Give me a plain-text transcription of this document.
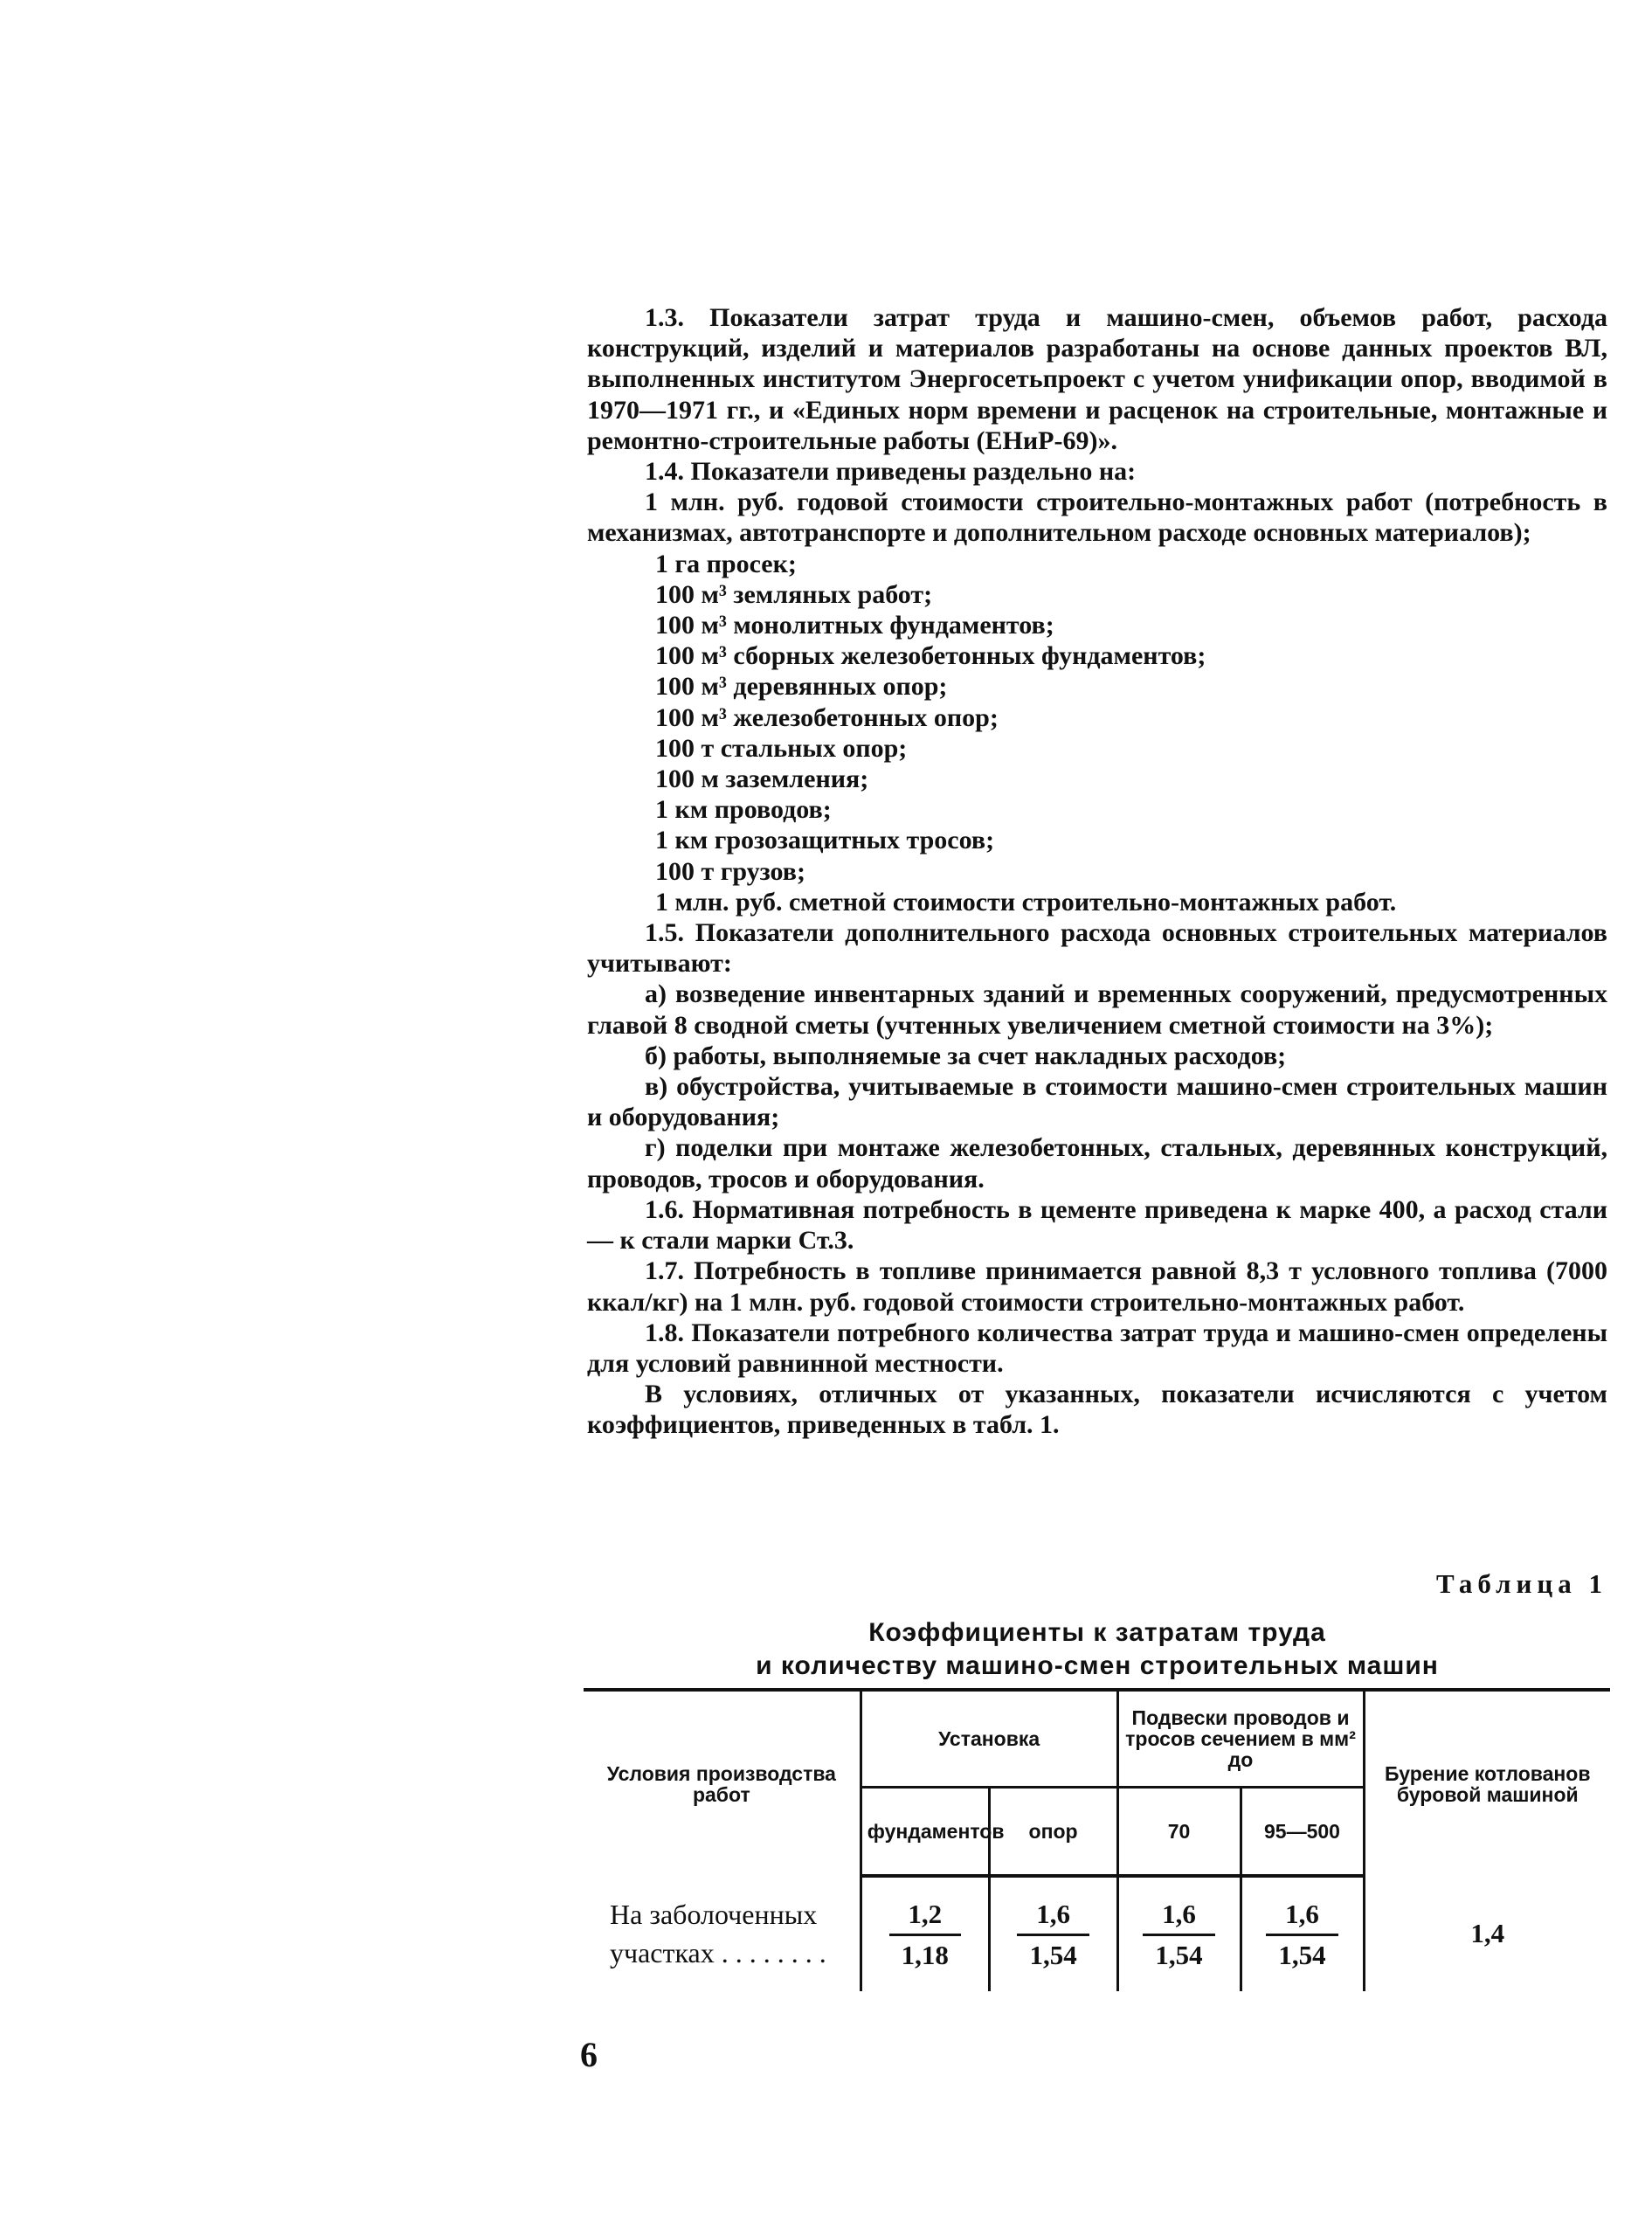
1.3. Показатели затрат труда и машино-смен, объемов работ, расхода конструкций, изделий и материалов разработаны на основе данных проектов ВЛ, выполненных институтом Энергосетьпроект с учетом унификации опор, вводимой в 1970—1971 гг., и «Единых норм времени и расценок на строительные, монтажные и ремонтно-строительные работы (ЕНиР-69)».

1.4. Показатели приведены раздельно на:

1 млн. руб. годовой стоимости строительно-монтажных работ (потребность в механизмах, автотранспорте и дополнительном расходе основных материалов);

1 га просек;

100 м³ земляных работ;

100 м³ монолитных фундаментов;

100 м³ сборных железобетонных фундаментов;

100 м³ деревянных опор;

100 м³ железобетонных опор;

100 т стальных опор;

100 м заземления;

1 км проводов;

1 км грозозащитных тросов;

100 т грузов;

1 млн. руб. сметной стоимости строительно-монтажных работ.

1.5. Показатели дополнительного расхода основных строительных материалов учитывают:

а) возведение инвентарных зданий и временных сооружений, предусмотренных главой 8 сводной сметы (учтенных увеличением сметной стоимости на 3%);

б) работы, выполняемые за счет накладных расходов;

в) обустройства, учитываемые в стоимости машино-смен строительных машин и оборудования;

г) поделки при монтаже железобетонных, стальных, деревянных конструкций, проводов, тросов и оборудования.

1.6. Нормативная потребность в цементе приведена к марке 400, а расход стали — к стали марки Ст.3.

1.7. Потребность в топливе принимается равной 8,3 т условного топлива (7000 ккал/кг) на 1 млн. руб. годовой стоимости строительно-монтажных работ.

1.8. Показатели потребного количества затрат труда и машино-смен определены для условий равнинной местности.

В условиях, отличных от указанных, показатели исчисляются с учетом коэффициентов, приведенных в табл. 1.

Таблица 1
Коэффициенты к затратам труда
и количеству машино-смен строительных машин
Условия производства работ	Установка		Подвески проводов и тросов сечением в мм² до		Бурение котлованов буровой машиной
	фундаментов	опор	70	95—500	
На заболоченных участках . . . . . . . .	$\frac{1,2}{1,18}$	$\frac{1,6}{1,54}$	$\frac{1,6}{1,54}$	$\frac{1,6}{1,54}$	1,4
6
